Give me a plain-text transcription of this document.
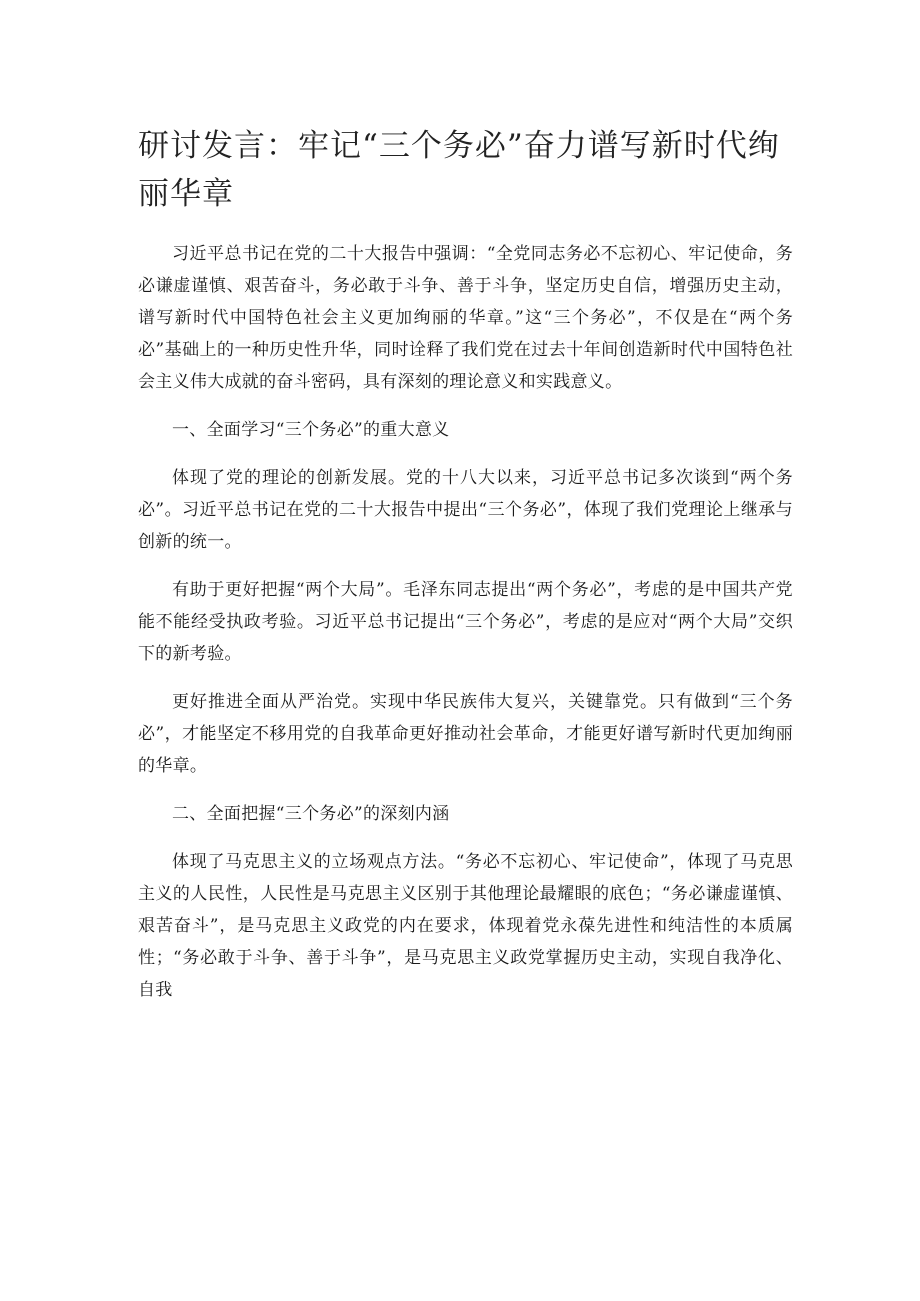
研讨发言：牢记“三个务必”奋力谱写新时代绚丽华章

习近平总书记在党的二十大报告中强调：“全党同志务必不忘初心、牢记使命，务必谦虚谨慎、艰苦奋斗，务必敢于斗争、善于斗争，坚定历史自信，增强历史主动，谱写新时代中国特色社会主义更加绚丽的华章。”这“三个务必”，不仅是在“两个务必”基础上的一种历史性升华，同时诠释了我们党在过去十年间创造新时代中国特色社会主义伟大成就的奋斗密码，具有深刻的理论意义和实践意义。

一、全面学习“三个务必”的重大意义

体现了党的理论的创新发展。党的十八大以来，习近平总书记多次谈到“两个务必”。习近平总书记在党的二十大报告中提出“三个务必”，体现了我们党理论上继承与创新的统一。

有助于更好把握“两个大局”。毛泽东同志提出“两个务必”，考虑的是中国共产党能不能经受执政考验。习近平总书记提出“三个务必”，考虑的是应对“两个大局”交织下的新考验。

更好推进全面从严治党。实现中华民族伟大复兴，关键靠党。只有做到“三个务必”，才能坚定不移用党的自我革命更好推动社会革命，才能更好谱写新时代更加绚丽的华章。

二、全面把握“三个务必”的深刻内涵

体现了马克思主义的立场观点方法。“务必不忘初心、牢记使命”，体现了马克思主义的人民性，人民性是马克思主义区别于其他理论最耀眼的底色；“务必谦虚谨慎、艰苦奋斗”，是马克思主义政党的内在要求，体现着党永葆先进性和纯洁性的本质属性；“务必敢于斗争、善于斗争”，是马克思主义政党掌握历史主动，实现自我净化、自我
